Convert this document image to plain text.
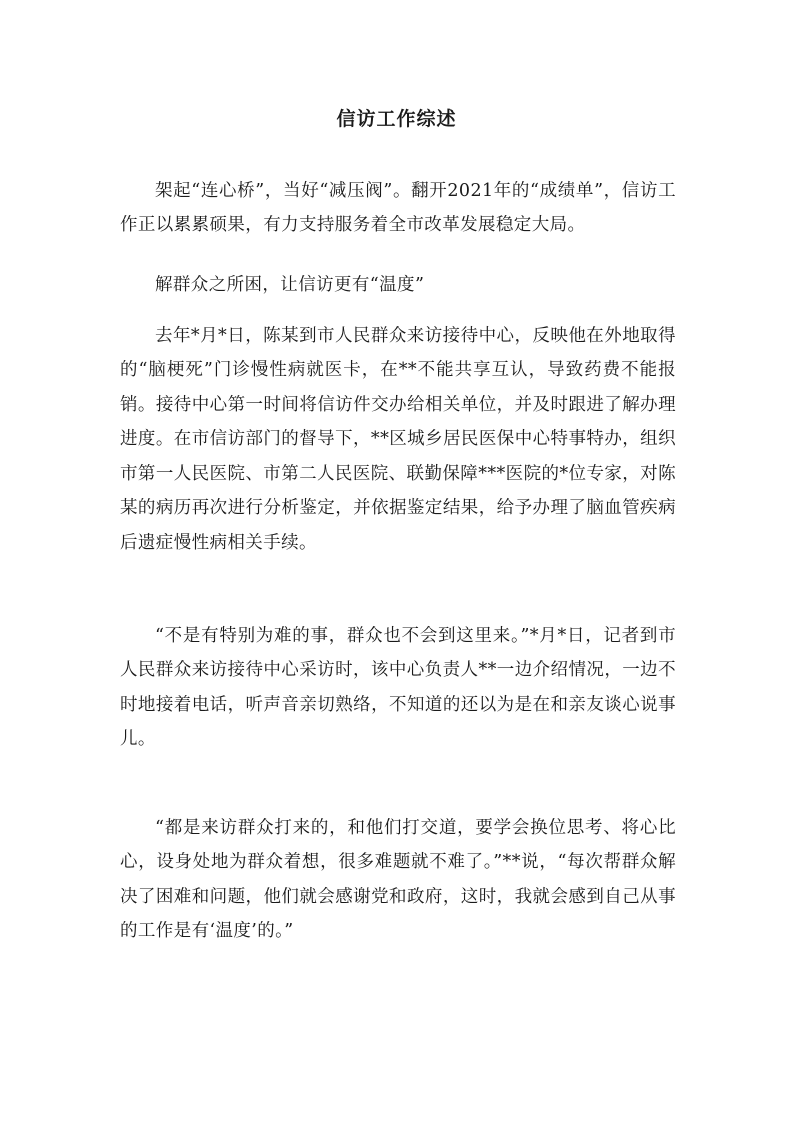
信访工作综述

架起“连心桥”，当好“减压阀”。翻开2021年的“成绩单”，信访工作正以累累硕果，有力支持服务着全市改革发展稳定大局。

解群众之所困，让信访更有“温度”

去年*月*日，陈某到市人民群众来访接待中心，反映他在外地取得的“脑梗死”门诊慢性病就医卡，在**不能共享互认，导致药费不能报销。接待中心第一时间将信访件交办给相关单位，并及时跟进了解办理进度。在市信访部门的督导下，**区城乡居民医保中心特事特办，组织市第一人民医院、市第二人民医院、联勤保障***医院的*位专家，对陈某的病历再次进行分析鉴定，并依据鉴定结果，给予办理了脑血管疾病后遗症慢性病相关手续。

“不是有特别为难的事，群众也不会到这里来。”*月*日，记者到市人民群众来访接待中心采访时，该中心负责人**一边介绍情况，一边不时地接着电话，听声音亲切熟络，不知道的还以为是在和亲友谈心说事儿。

“都是来访群众打来的，和他们打交道，要学会换位思考、将心比心，设身处地为群众着想，很多难题就不难了。”**说，“每次帮群众解决了困难和问题，他们就会感谢党和政府，这时，我就会感到自己从事的工作是有‘温度’的。”
